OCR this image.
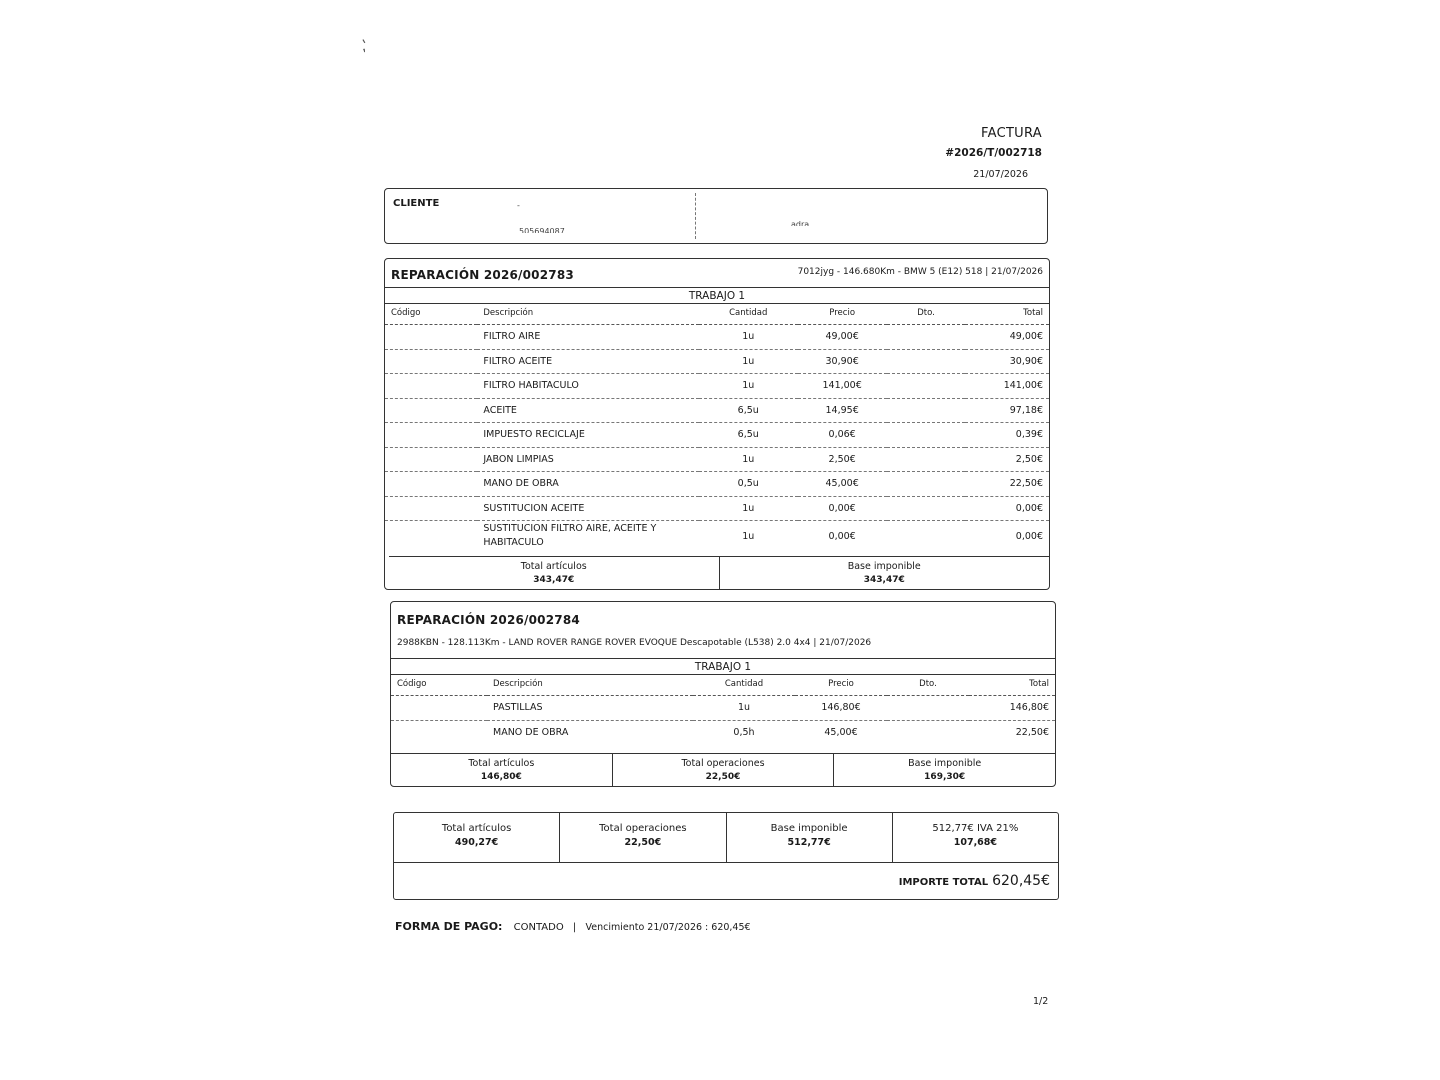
,'
FACTURA
#2026/T/002718
21/07/2026
CLIENTE	-
505694087
adra
REPARACIÓN 2026/002783	7012jyg - 146.680Km - BMW 5 (E12) 518 | 21/07/2026
TRABAJO 1
Código	Descripción	Cantidad	Precio	Dto.	Total
	FILTRO AIRE	1u	49,00€		49,00€
	FILTRO ACEITE	1u	30,90€		30,90€
	FILTRO HABITACULO	1u	141,00€		141,00€
	ACEITE	6,5u	14,95€		97,18€
	IMPUESTO RECICLAJE	6,5u	0,06€		0,39€
	JABON LIMPIAS	1u	2,50€		2,50€
	MANO DE OBRA	0,5u	45,00€		22,50€
	SUSTITUCION ACEITE	1u	0,00€		0,00€
	SUSTITUCION FILTRO AIRE, ACEITE Y HABITACULO	1u	0,00€		0,00€
Total artículos
343,47€
Base imponible
343,47€
REPARACIÓN 2026/002784
2988KBN - 128.113Km - LAND ROVER RANGE ROVER EVOQUE Descapotable (L538) 2.0 4x4 | 21/07/2026
TRABAJO 1
Código	Descripción	Cantidad	Precio	Dto.	Total
	PASTILLAS	1u	146,80€		146,80€
	MANO DE OBRA	0,5h	45,00€		22,50€
Total artículos
146,80€
Total operaciones
22,50€
Base imponible
169,30€
Total artículos
490,27€
Total operaciones
22,50€
Base imponible
512,77€
512,77€ IVA 21%
107,68€
IMPORTE TOTAL 620,45€
FORMA DE PAGO: CONTADO | Vencimiento 21/07/2026 : 620,45€
1/2
